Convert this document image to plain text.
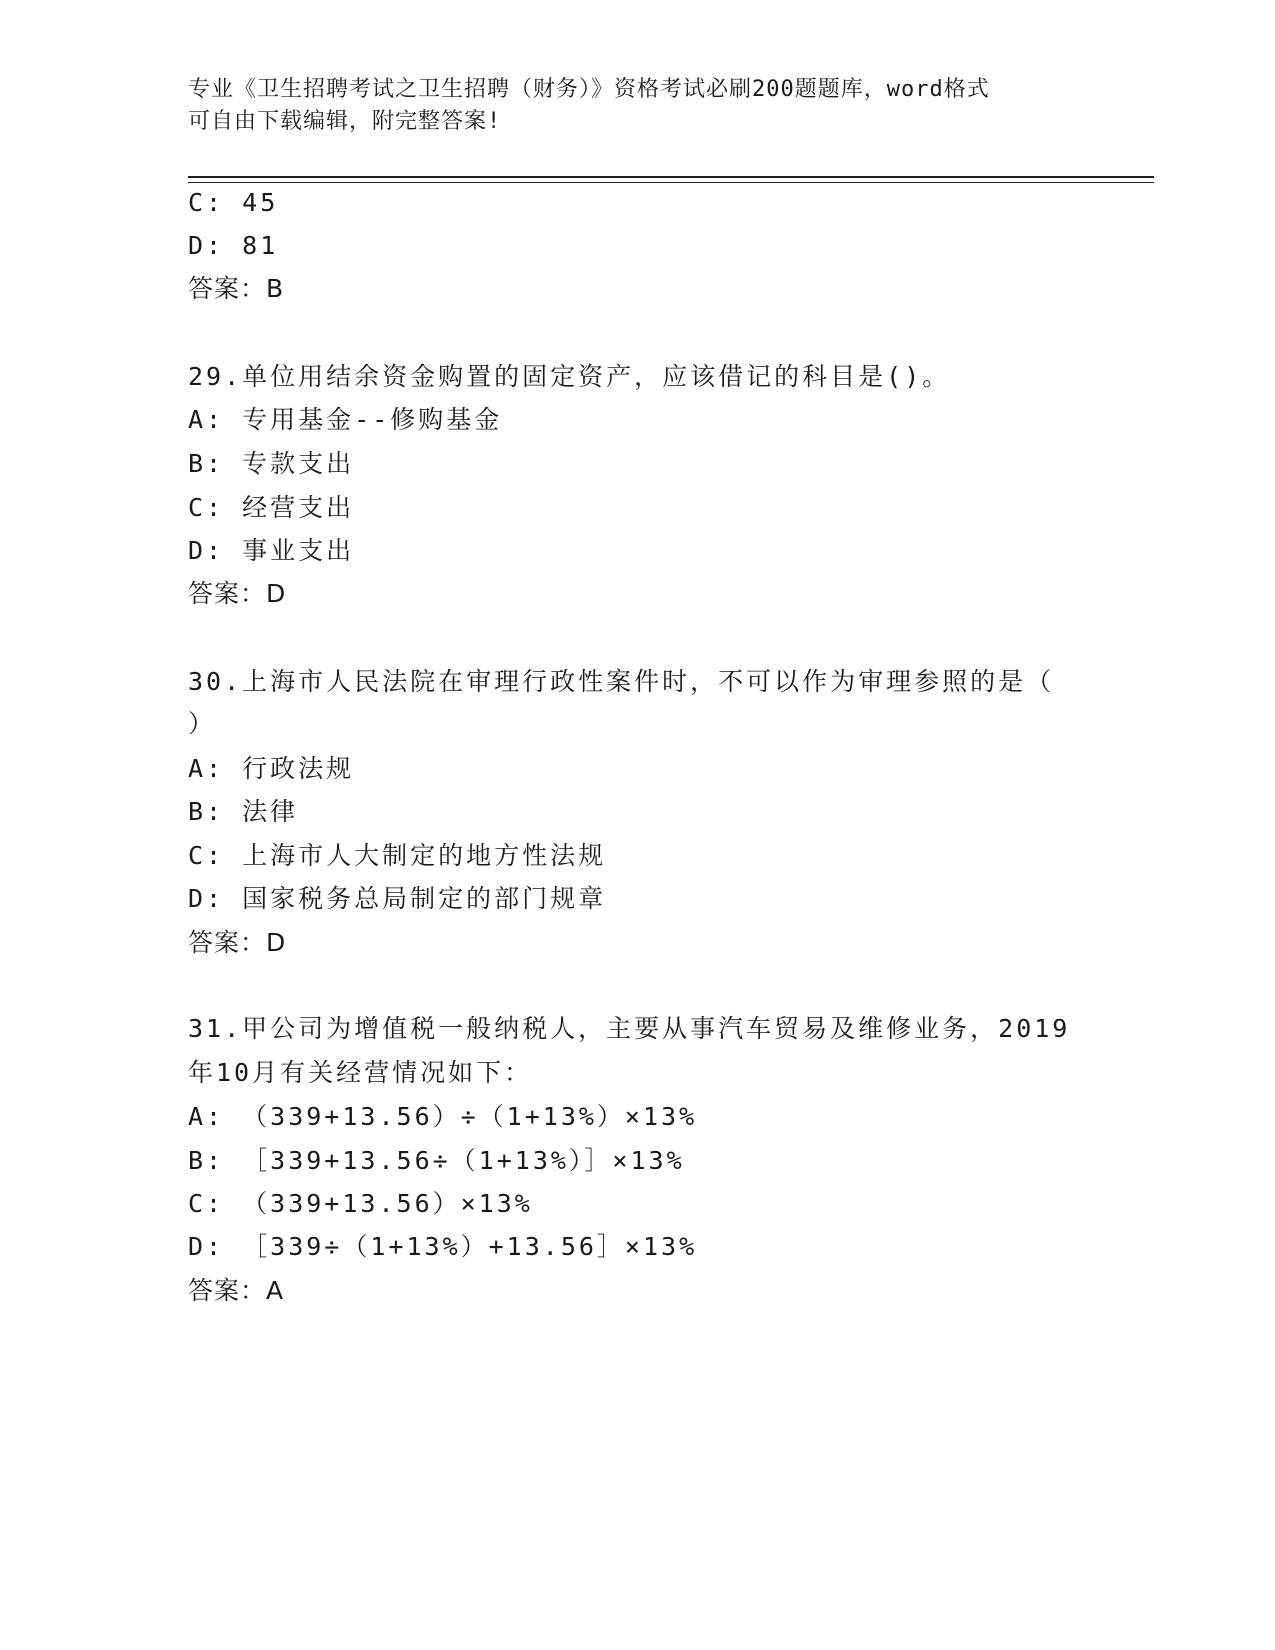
专业《卫生招聘考试之卫生招聘（财务）》资格考试必刷200题题库，word格式
可自由下载编辑，附完整答案!
C: 45
D: 81
答案：B
29.单位用结余资金购置的固定资产，应该借记的科目是()。
A: 专用基金--修购基金
B: 专款支出
C: 经营支出
D: 事业支出
答案：D
30.上海市人民法院在审理行政性案件时，不可以作为审理参照的是（
）
A: 行政法规
B: 法律
C: 上海市人大制定的地方性法规
D: 国家税务总局制定的部门规章
答案：D
31.甲公司为增值税一般纳税人，主要从事汽车贸易及维修业务，2019
年10月有关经营情况如下：
A: （339+13.56）÷（1+13%）×13%
B: ［339+13.56÷（1+13%）］×13%
C: （339+13.56）×13%
D: ［339÷（1+13%）+13.56］×13%
答案：A
